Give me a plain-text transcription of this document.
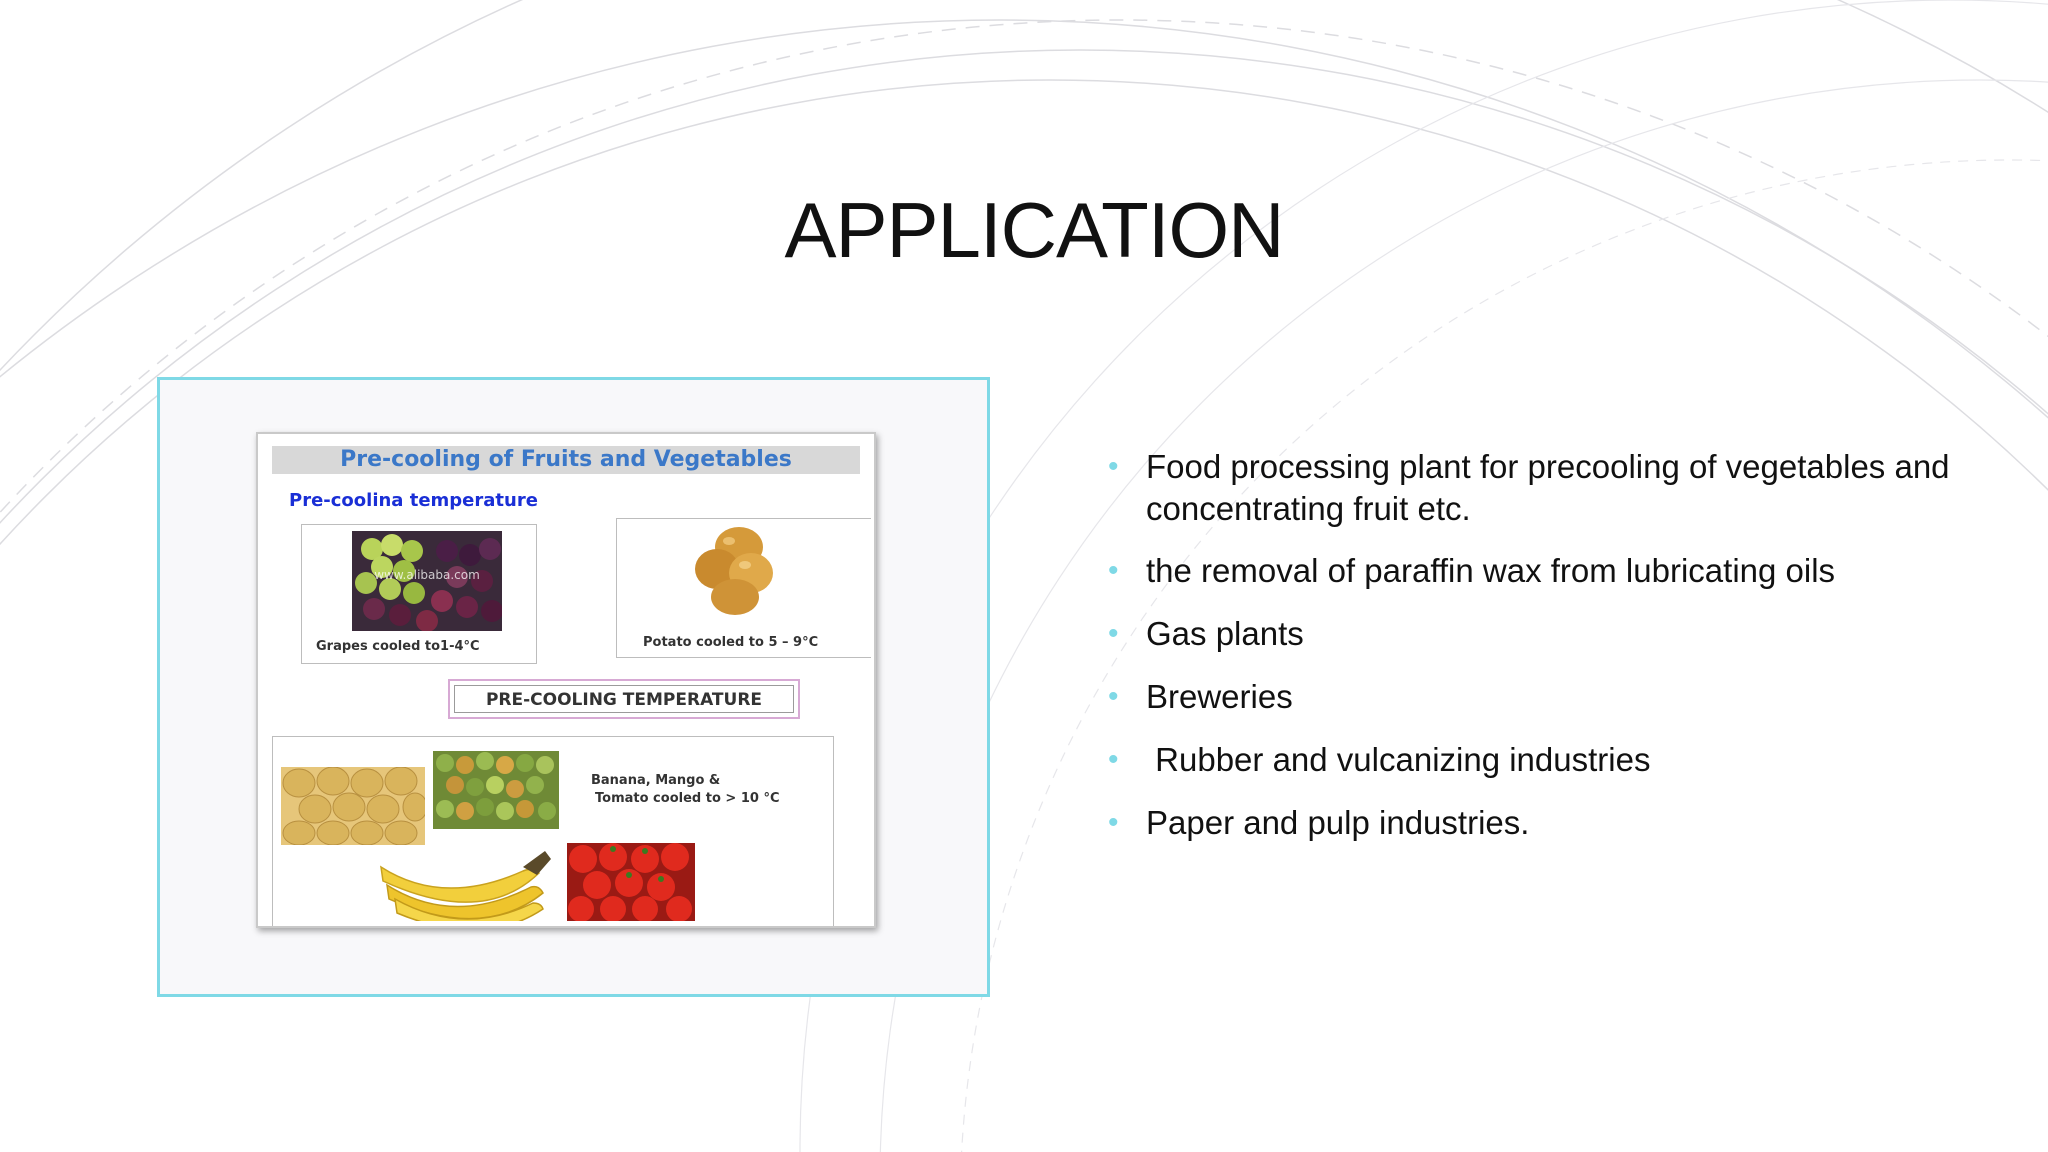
APPLICATION
Pre-cooling of Fruits and Vegetables
Pre-coolina temperature
www.alibaba.com
Grapes cooled to1-4°C	Potato cooled to 5 – 9°C
PRE-COOLING TEMPERATURE
Banana, Mango &
Tomato cooled to > 10 °C
• Food processing plant for precooling of vegetables and concentrating fruit etc.
• the removal of paraffin wax from lubricating oils
• Gas plants
• Breweries
• Rubber and vulcanizing industries
• Paper and pulp industries.
